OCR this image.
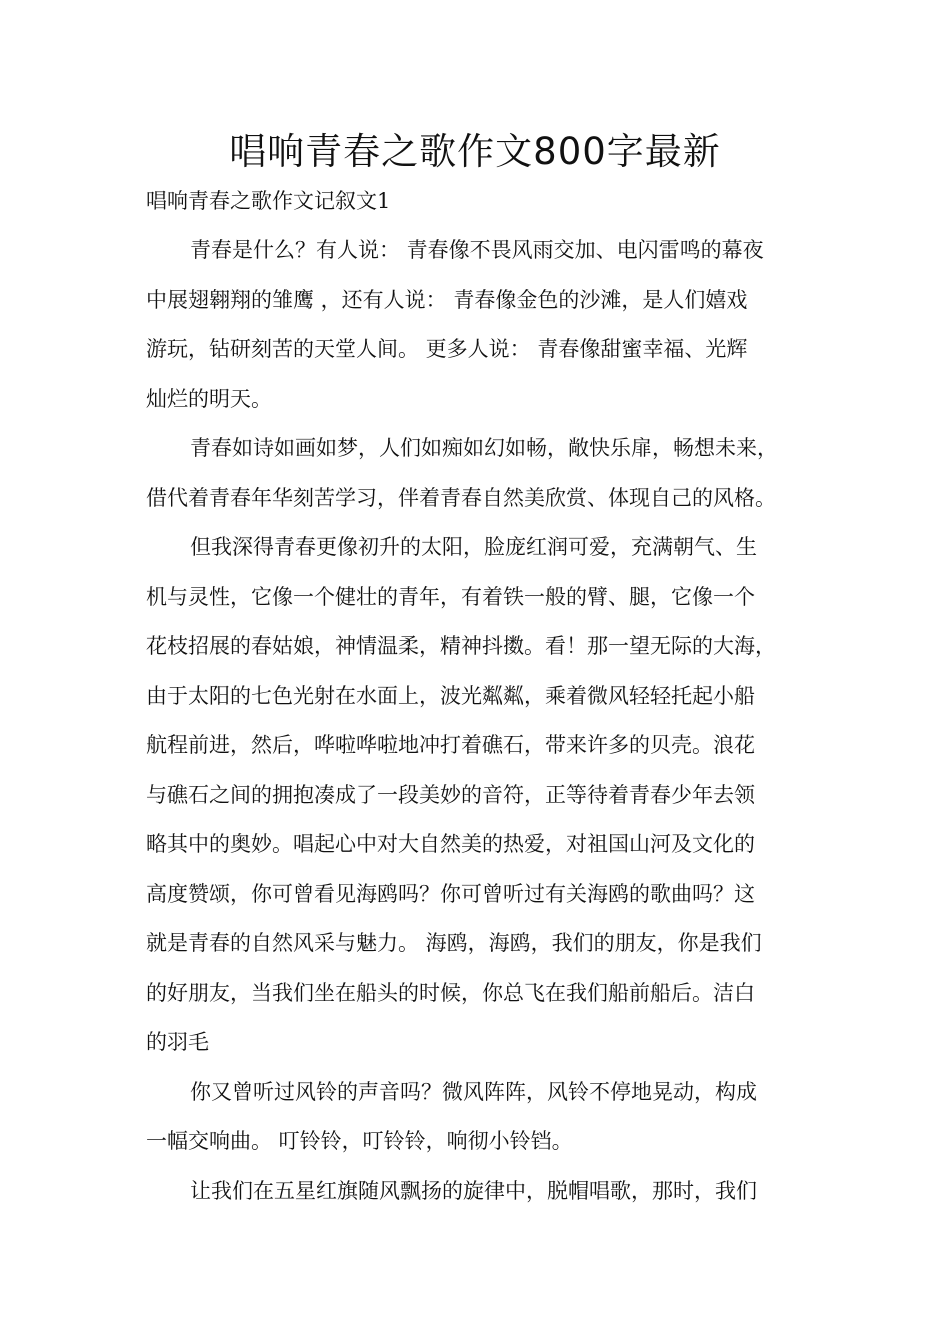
唱响青春之歌作文800字最新

唱响青春之歌作文记叙文1

青春是什么？有人说： 青春像不畏风雨交加、电闪雷鸣的幕夜
中展翅翱翔的雏鹰 ，还有人说： 青春像金色的沙滩，是人们嬉戏
游玩，钻研刻苦的天堂人间。 更多人说： 青春像甜蜜幸福、光辉
灿烂的明天。
青春如诗如画如梦，人们如痴如幻如畅，敞快乐扉，畅想未来，
借代着青春年华刻苦学习，伴着青春自然美欣赏、体现自己的风格。
但我深得青春更像初升的太阳，脸庞红润可爱，充满朝气、生
机与灵性，它像一个健壮的青年，有着铁一般的臂、腿，它像一个
花枝招展的春姑娘，神情温柔，精神抖擞。看！那一望无际的大海，
由于太阳的七色光射在水面上，波光粼粼，乘着微风轻轻托起小船
航程前进，然后，哗啦哗啦地冲打着礁石，带来许多的贝壳。浪花
与礁石之间的拥抱凑成了一段美妙的音符，正等待着青春少年去领
略其中的奥妙。唱起心中对大自然美的热爱，对祖国山河及文化的
高度赞颂，你可曾看见海鸥吗？你可曾听过有关海鸥的歌曲吗？这
就是青春的自然风采与魅力。 海鸥，海鸥，我们的朋友，你是我们
的好朋友，当我们坐在船头的时候，你总飞在我们船前船后。洁白
的羽毛
你又曾听过风铃的声音吗？微风阵阵，风铃不停地晃动，构成
一幅交响曲。 叮铃铃，叮铃铃，响彻小铃铛。
让我们在五星红旗随风飘扬的旋律中，脱帽唱歌，那时，我们
